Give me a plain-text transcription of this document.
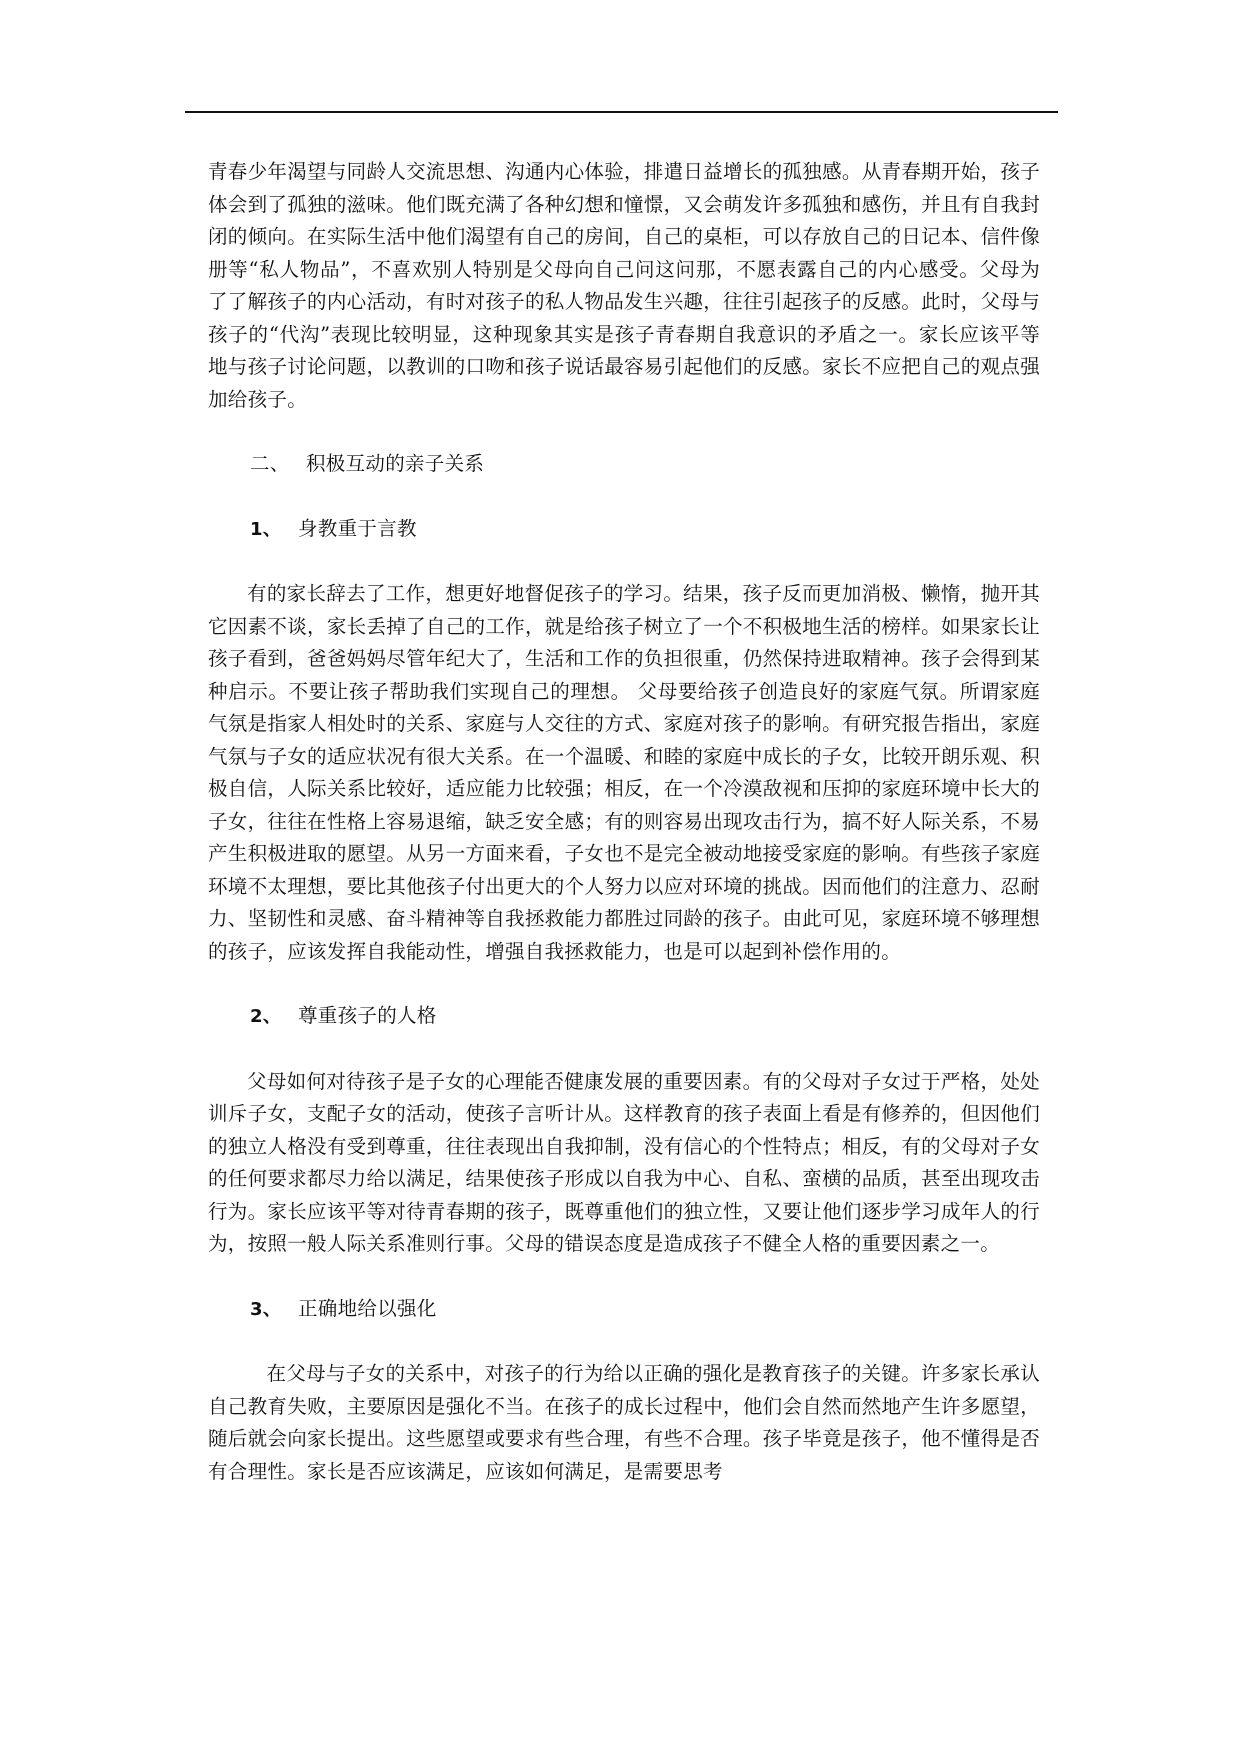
青春少年渴望与同龄人交流思想、沟通内心体验，排遣日益增长的孤独感。从青春期开始，孩子体会到了孤独的滋味。他们既充满了各种幻想和憧憬，又会萌发许多孤独和感伤，并且有自我封闭的倾向。在实际生活中他们渴望有自己的房间，自己的桌柜，可以存放自己的日记本、信件像册等“私人物品”，不喜欢别人特别是父母向自己问这问那，不愿表露自己的内心感受。父母为了了解孩子的内心活动，有时对孩子的私人物品发生兴趣，往往引起孩子的反感。此时，父母与孩子的“代沟”表现比较明显，这种现象其实是孩子青春期自我意识的矛盾之一。家长应该平等地与孩子讨论问题，以教训的口吻和孩子说话最容易引起他们的反感。家长不应把自己的观点强加给孩子。

二、 积极互动的亲子关系

1、 身教重于言教

有的家长辞去了工作，想更好地督促孩子的学习。结果，孩子反而更加消极、懒惰，抛开其它因素不谈，家长丢掉了自己的工作，就是给孩子树立了一个不积极地生活的榜样。如果家长让孩子看到，爸爸妈妈尽管年纪大了，生活和工作的负担很重，仍然保持进取精神。孩子会得到某种启示。不要让孩子帮助我们实现自己的理想。 父母要给孩子创造良好的家庭气氛。所谓家庭气氛是指家人相处时的关系、家庭与人交往的方式、家庭对孩子的影响。有研究报告指出，家庭气氛与子女的适应状况有很大关系。在一个温暖、和睦的家庭中成长的子女，比较开朗乐观、积极自信，人际关系比较好，适应能力比较强；相反，在一个冷漠敌视和压抑的家庭环境中长大的子女，往往在性格上容易退缩，缺乏安全感；有的则容易出现攻击行为，搞不好人际关系，不易产生积极进取的愿望。从另一方面来看，子女也不是完全被动地接受家庭的影响。有些孩子家庭环境不太理想，要比其他孩子付出更大的个人努力以应对环境的挑战。因而他们的注意力、忍耐力、坚韧性和灵感、奋斗精神等自我拯救能力都胜过同龄的孩子。由此可见，家庭环境不够理想的孩子，应该发挥自我能动性，增强自我拯救能力，也是可以起到补偿作用的。

2、 尊重孩子的人格

父母如何对待孩子是子女的心理能否健康发展的重要因素。有的父母对子女过于严格，处处训斥子女，支配子女的活动，使孩子言听计从。这样教育的孩子表面上看是有修养的，但因他们的独立人格没有受到尊重，往往表现出自我抑制，没有信心的个性特点；相反，有的父母对子女的任何要求都尽力给以满足，结果使孩子形成以自我为中心、自私、蛮横的品质，甚至出现攻击行为。家长应该平等对待青春期的孩子，既尊重他们的独立性，又要让他们逐步学习成年人的行为，按照一般人际关系准则行事。父母的错误态度是造成孩子不健全人格的重要因素之一。

3、 正确地给以强化

在父母与子女的关系中，对孩子的行为给以正确的强化是教育孩子的关键。许多家长承认自己教育失败，主要原因是强化不当。在孩子的成长过程中，他们会自然而然地产生许多愿望，随后就会向家长提出。这些愿望或要求有些合理，有些不合理。孩子毕竟是孩子，他不懂得是否有合理性。家长是否应该满足，应该如何满足，是需要思考
